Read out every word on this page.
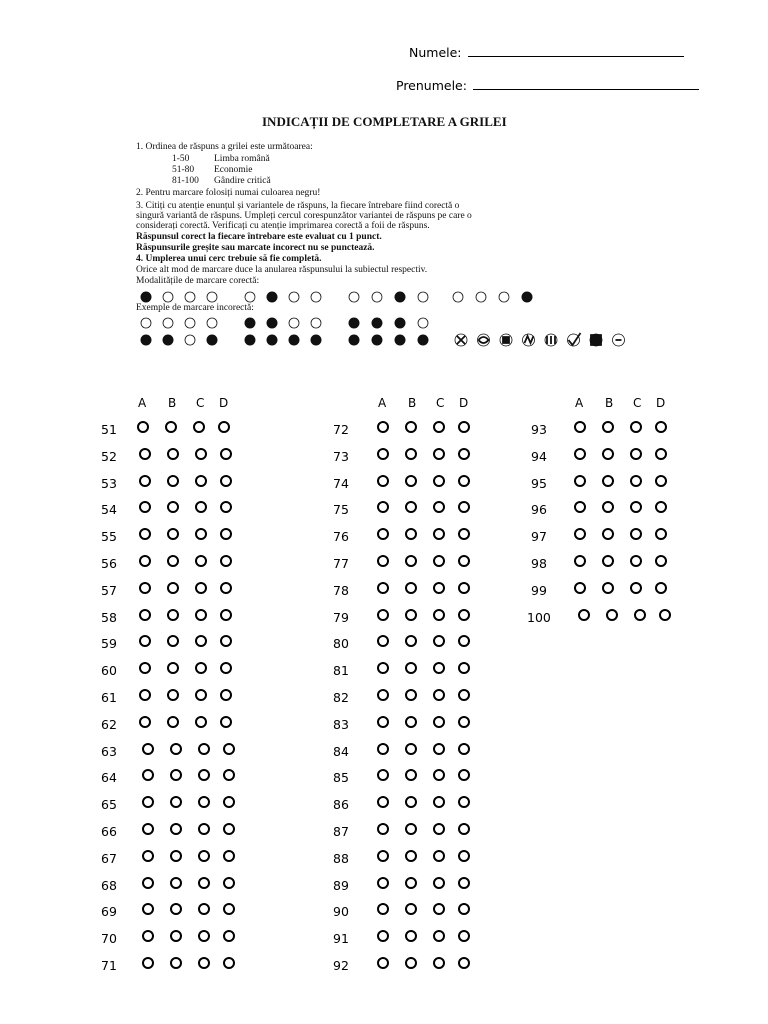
Numele:
Prenumele:
INDICAȚII DE COMPLETARE A GRILEI
1. Ordinea de răspuns a grilei este următoarea:
2. Pentru marcare folosiți numai culoarea negru!
3. Citiți cu atenție enunțul și variantele de răspuns, la fiecare întrebare fiind corectă o
singură variantă de răspuns. Umpleți cercul corespunzător variantei de răspuns pe care o
considerați corectă. Verificați cu atenție imprimarea corectă a foii de răspuns.
Răspunsul corect la fiecare întrebare este evaluat cu 1 punct.
Răspunsurile greșite sau marcate incorect nu se punctează.
4. Umplerea unui cerc trebuie să fie completă.
Orice alt mod de marcare duce la anularea răspunsului la subiectul respectiv.
Modalitățile de marcare corectă:
Exemple de marcare incorectă:
1-50	Limba română
51-80 Economie
81-100 Gândire critică
A B C D
51
52
53
54
55
56
57
58
59
60
61
62
63
64
65
66
67
68
69
70
71
A B C D
72
73
74
75
76
77
78
79
80
81
82
83
84
85
86
87
88
89
90
91
92
A B C D
93
94
95
96
97
98
99
100
